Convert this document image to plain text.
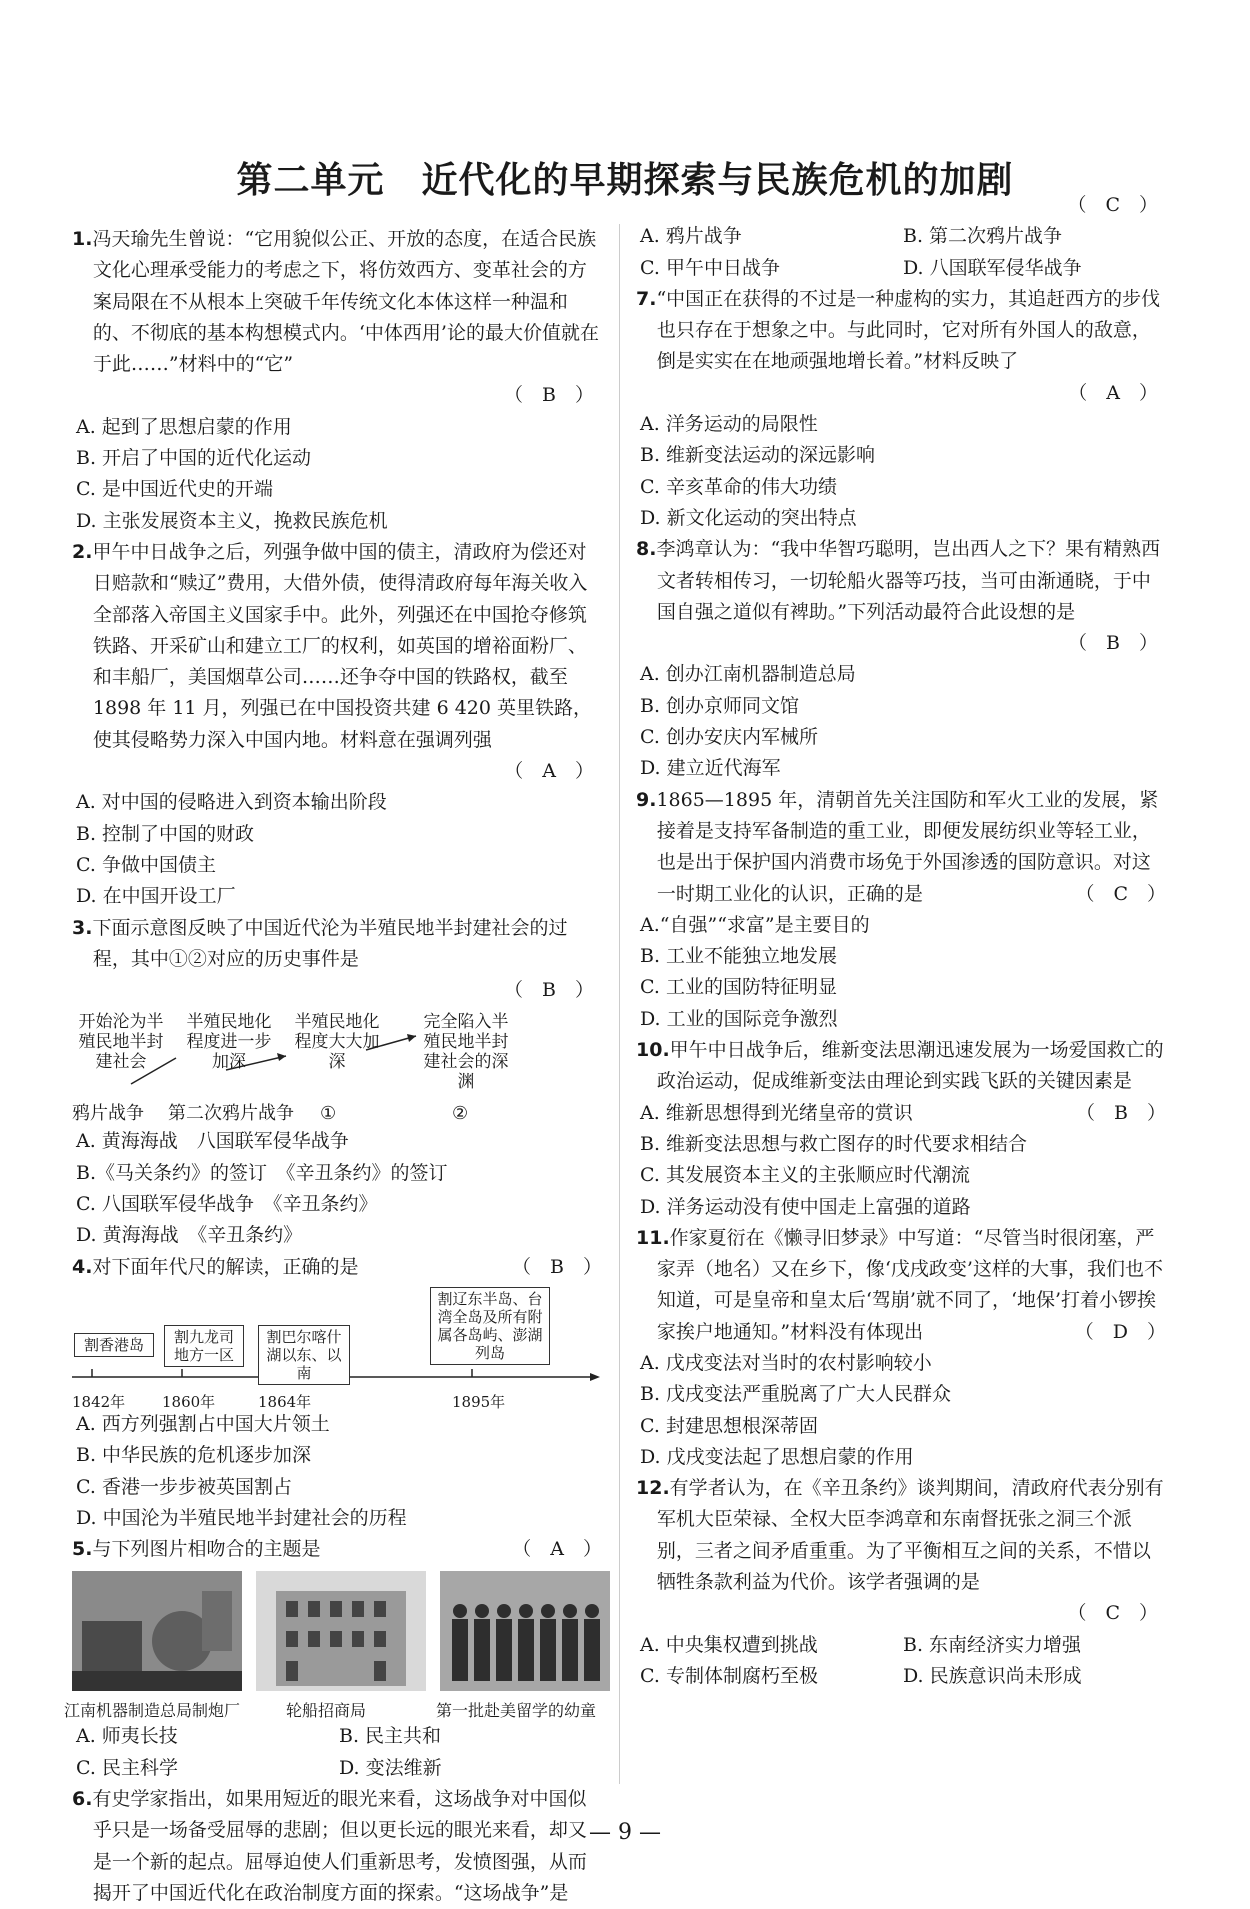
第二单元　近代化的早期探索与民族危机的加剧
1.冯天瑜先生曾说：“它用貌似公正、开放的态度，在适合民族文化心理承受能力的考虑之下，将仿效西方、变革社会的方案局限在不从根本上突破千年传统文化本体这样一种温和的、不彻底的基本构想模式内。‘中体西用’论的最大价值就在于此……”材料中的“它”
（　B　）
A. 起到了思想启蒙的作用
B. 开启了中国的近代化运动
C. 是中国近代史的开端
D. 主张发展资本主义，挽救民族危机
2.甲午中日战争之后，列强争做中国的债主，清政府为偿还对日赔款和“赎辽”费用，大借外债，使得清政府每年海关收入全部落入帝国主义国家手中。此外，列强还在中国抢夺修筑铁路、开采矿山和建立工厂的权利，如英国的增裕面粉厂、和丰船厂，美国烟草公司……还争夺中国的铁路权，截至 1898 年 11 月，列强已在中国投资共建 6 420 英里铁路，使其侵略势力深入中国内地。材料意在强调列强
（　A　）
A. 对中国的侵略进入到资本输出阶段
B. 控制了中国的财政
C. 争做中国债主
D. 在中国开设工厂
3.下面示意图反映了中国近代沦为半殖民地半封建社会的过程，其中①②对应的历史事件是
（　B　）
开始沦为半殖民地半封建社会
半殖民地化程度进一步加深
半殖民地化程度大大加深
完全陷入半殖民地半封建社会的深渊
鸦片战争 第二次鸦片战争 ①	②
A. 黄海海战　八国联军侵华战争
B.《马关条约》的签订　《辛丑条约》的签订
C. 八国联军侵华战争　《辛丑条约》
D. 黄海海战　《辛丑条约》
4.对下面年代尺的解读，正确的是	（　B　）
割香港岛	割九龙司地方一区
割巴尔喀什湖以东、以南
割辽东半岛、台湾全岛及所有附属各岛屿、澎湖列岛
1842年 1860年	1864年	1895年
A. 西方列强割占中国大片领土
B. 中华民族的危机逐步加深
C. 香港一步步被英国割占
D. 中国沦为半殖民地半封建社会的历程
5.与下列图片相吻合的主题是	（　A　）
江南机器制造总局制炮厂	轮船招商局	第一批赴美留学的幼童
A. 师夷长技	B. 民主共和
C. 民主科学	D. 变法维新
6.有史学家指出，如果用短近的眼光来看，这场战争对中国似乎只是一场备受屈辱的悲剧；但以更长远的眼光来看，却又是一个新的起点。屈辱迫使人们重新思考，发愤图强，从而揭开了中国近代化在政治制度方面的探索。“这场战争”是
（　C　）
A. 鸦片战争	B. 第二次鸦片战争
C. 甲午中日战争	D. 八国联军侵华战争
7.“中国正在获得的不过是一种虚构的实力，其追赶西方的步伐也只存在于想象之中。与此同时，它对所有外国人的敌意，倒是实实在在地顽强地增长着。”材料反映了
（　A　）
A. 洋务运动的局限性
B. 维新变法运动的深远影响
C. 辛亥革命的伟大功绩
D. 新文化运动的突出特点
8.李鸿章认为：“我中华智巧聪明，岂出西人之下？果有精熟西文者转相传习，一切轮船火器等巧技，当可由渐通晓，于中国自强之道似有裨助。”下列活动最符合此设想的是
（　B　）
A. 创办江南机器制造总局
B. 创办京师同文馆
C. 创办安庆内军械所
D. 建立近代海军
9.1865—1895 年，清朝首先关注国防和军火工业的发展，紧接着是支持军备制造的重工业，即便发展纺织业等轻工业，也是出于保护国内消费市场免于外国渗透的国防意识。对这一时期工业化的认识，正确的是	（　C　）
A.“自强”“求富”是主要目的
B. 工业不能独立地发展
C. 工业的国防特征明显
D. 工业的国际竞争激烈
10.甲午中日战争后，维新变法思潮迅速发展为一场爱国救亡的政治运动，促成维新变法由理论到实践飞跃的关键因素是
（　B　）
A. 维新思想得到光绪皇帝的赏识
B. 维新变法思想与救亡图存的时代要求相结合
C. 其发展资本主义的主张顺应时代潮流
D. 洋务运动没有使中国走上富强的道路
11.作家夏衍在《懒寻旧梦录》中写道：“尽管当时很闭塞，严家弄（地名）又在乡下，像‘戊戌政变’这样的大事，我们也不知道，可是皇帝和皇太后‘驾崩’就不同了，‘地保’打着小锣挨家挨户地通知。”材料没有体现出	（　D　）
A. 戊戌变法对当时的农村影响较小
B. 戊戌变法严重脱离了广大人民群众
C. 封建思想根深蒂固
D. 戊戌变法起了思想启蒙的作用
12.有学者认为，在《辛丑条约》谈判期间，清政府代表分别有军机大臣荣禄、全权大臣李鸿章和东南督抚张之洞三个派别，三者之间矛盾重重。为了平衡相互之间的关系，不惜以牺牲条款利益为代价。该学者强调的是
（　C　）
A. 中央集权遭到挑战	B. 东南经济实力增强
C. 专制体制腐朽至极	D. 民族意识尚未形成
— 9 —
